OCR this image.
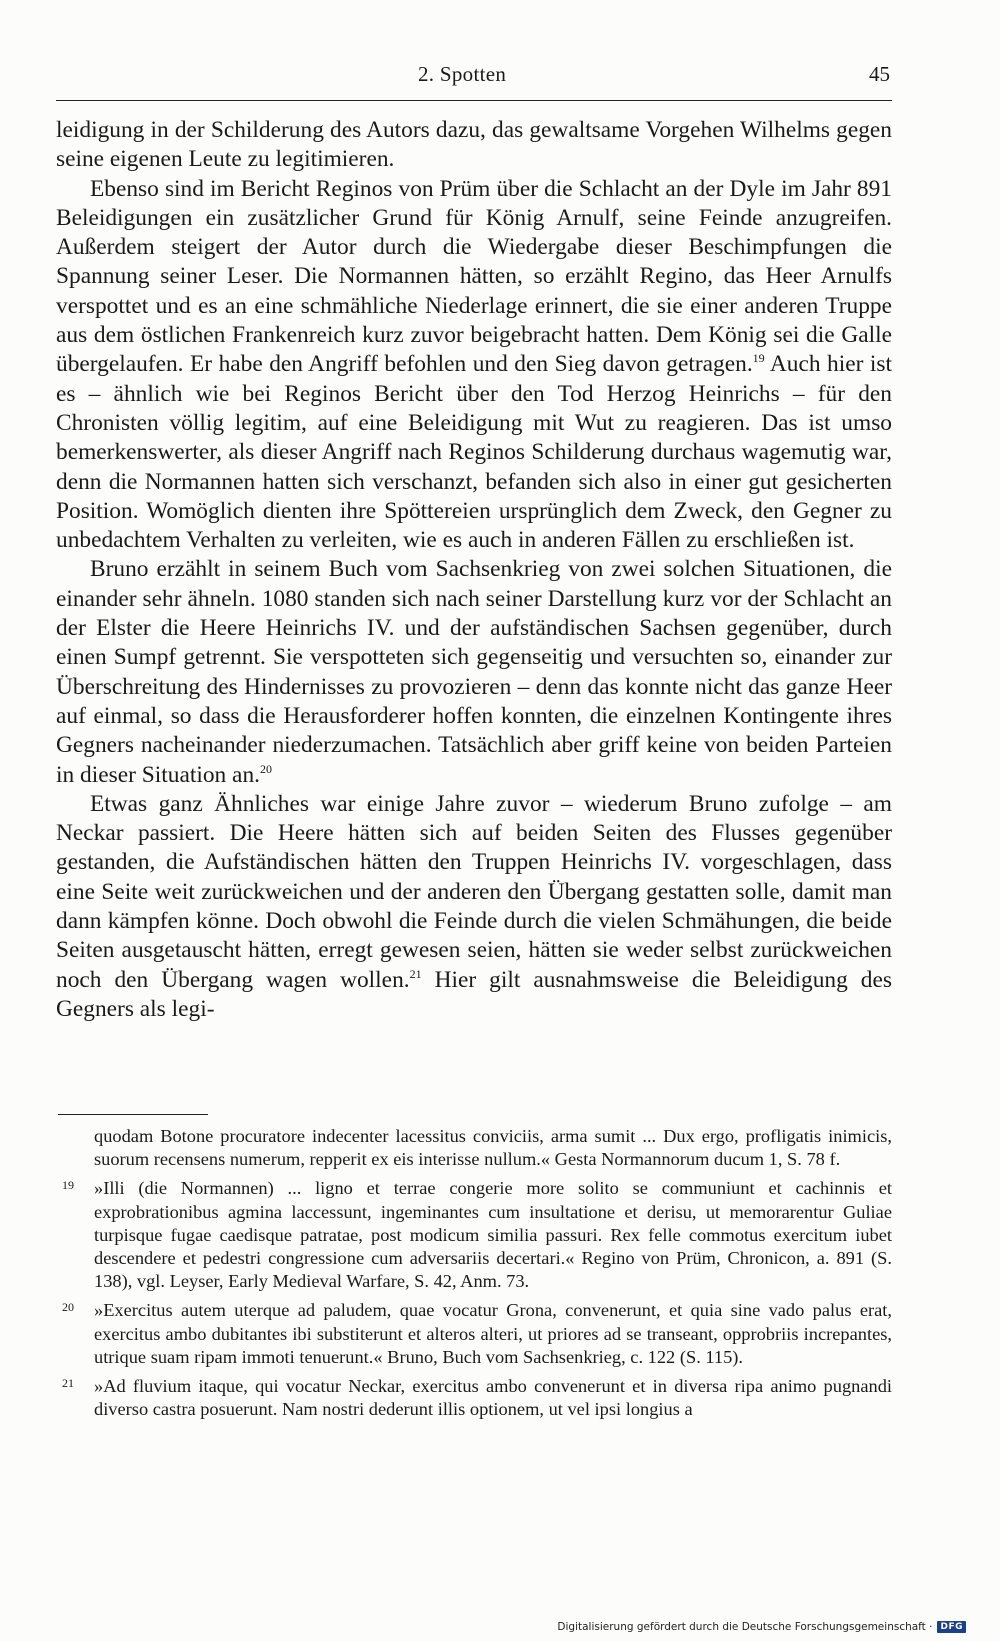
2. Spotten	45

leidigung in der Schilderung des Autors dazu, das gewaltsame Vorgehen Wilhelms gegen seine eigenen Leute zu legitimieren.

Ebenso sind im Bericht Reginos von Prüm über die Schlacht an der Dyle im Jahr 891 Beleidigungen ein zusätzlicher Grund für König Arnulf, seine Feinde anzugreifen. Außerdem steigert der Autor durch die Wiedergabe dieser Beschimpfungen die Spannung seiner Leser. Die Normannen hätten, so erzählt Regino, das Heer Arnulfs verspottet und es an eine schmähliche Niederlage erinnert, die sie einer anderen Truppe aus dem östlichen Frankenreich kurz zuvor beigebracht hatten. Dem König sei die Galle übergelaufen. Er habe den Angriff befohlen und den Sieg davon getragen.$^{19}$ Auch hier ist es – ähnlich wie bei Reginos Bericht über den Tod Herzog Heinrichs – für den Chronisten völlig legitim, auf eine Beleidigung mit Wut zu reagieren. Das ist umso bemerkenswerter, als dieser Angriff nach Reginos Schilderung durchaus wagemutig war, denn die Normannen hatten sich verschanzt, befanden sich also in einer gut gesicherten Position. Womöglich dienten ihre Spöttereien ursprünglich dem Zweck, den Gegner zu unbedachtem Verhalten zu verleiten, wie es auch in anderen Fällen zu erschließen ist.

Bruno erzählt in seinem Buch vom Sachsenkrieg von zwei solchen Situationen, die einander sehr ähneln. 1080 standen sich nach seiner Darstellung kurz vor der Schlacht an der Elster die Heere Heinrichs IV. und der aufständischen Sachsen gegenüber, durch einen Sumpf getrennt. Sie verspotteten sich gegenseitig und versuchten so, einander zur Überschreitung des Hindernisses zu provozieren – denn das konnte nicht das ganze Heer auf einmal, so dass die Herausforderer hoffen konnten, die einzelnen Kontingente ihres Gegners nacheinander niederzumachen. Tatsächlich aber griff keine von beiden Parteien in dieser Situation an.$^{20}$

Etwas ganz Ähnliches war einige Jahre zuvor – wiederum Bruno zufolge – am Neckar passiert. Die Heere hätten sich auf beiden Seiten des Flusses gegenüber gestanden, die Aufständischen hätten den Truppen Heinrichs IV. vorgeschlagen, dass eine Seite weit zurückweichen und der anderen den Übergang gestatten solle, damit man dann kämpfen könne. Doch obwohl die Feinde durch die vielen Schmähungen, die beide Seiten ausgetauscht hätten, erregt gewesen seien, hätten sie weder selbst zurückweichen noch den Übergang wagen wollen.$^{21}$ Hier gilt ausnahmsweise die Beleidigung des Gegners als legi-

quodam Botone procuratore indecenter lacessitus conviciis, arma sumit ... Dux ergo, profligatis inimicis, suorum recensens numerum, repperit ex eis interisse nullum.« Gesta Normannorum ducum 1, S. 78 f.
19 »Illi (die Normannen) ... ligno et terrae congerie more solito se communiunt et cachinnis et exprobrationibus agmina laccessunt, ingeminantes cum insultatione et derisu, ut memorarentur Guliae turpisque fugae caedisque patratae, post modicum similia passuri. Rex felle commotus exercitum iubet descendere et pedestri congressione cum adversariis decertari.« Regino von Prüm, Chronicon, a. 891 (S. 138), vgl. Leyser, Early Medieval Warfare, S. 42, Anm. 73.
20 »Exercitus autem uterque ad paludem, quae vocatur Grona, convenerunt, et quia sine vado palus erat, exercitus ambo dubitantes ibi substiterunt et alteros alteri, ut priores ad se transeant, opprobriis increpantes, utrique suam ripam immoti tenuerunt.« Bruno, Buch vom Sachsenkrieg, c. 122 (S. 115).
21 »Ad fluvium itaque, qui vocatur Neckar, exercitus ambo convenerunt et in diversa ripa animo pugnandi diverso castra posuerunt. Nam nostri dederunt illis optionem, ut vel ipsi longius a
Digitalisierung gefördert durch die Deutsche Forschungsgemeinschaft · DFG
